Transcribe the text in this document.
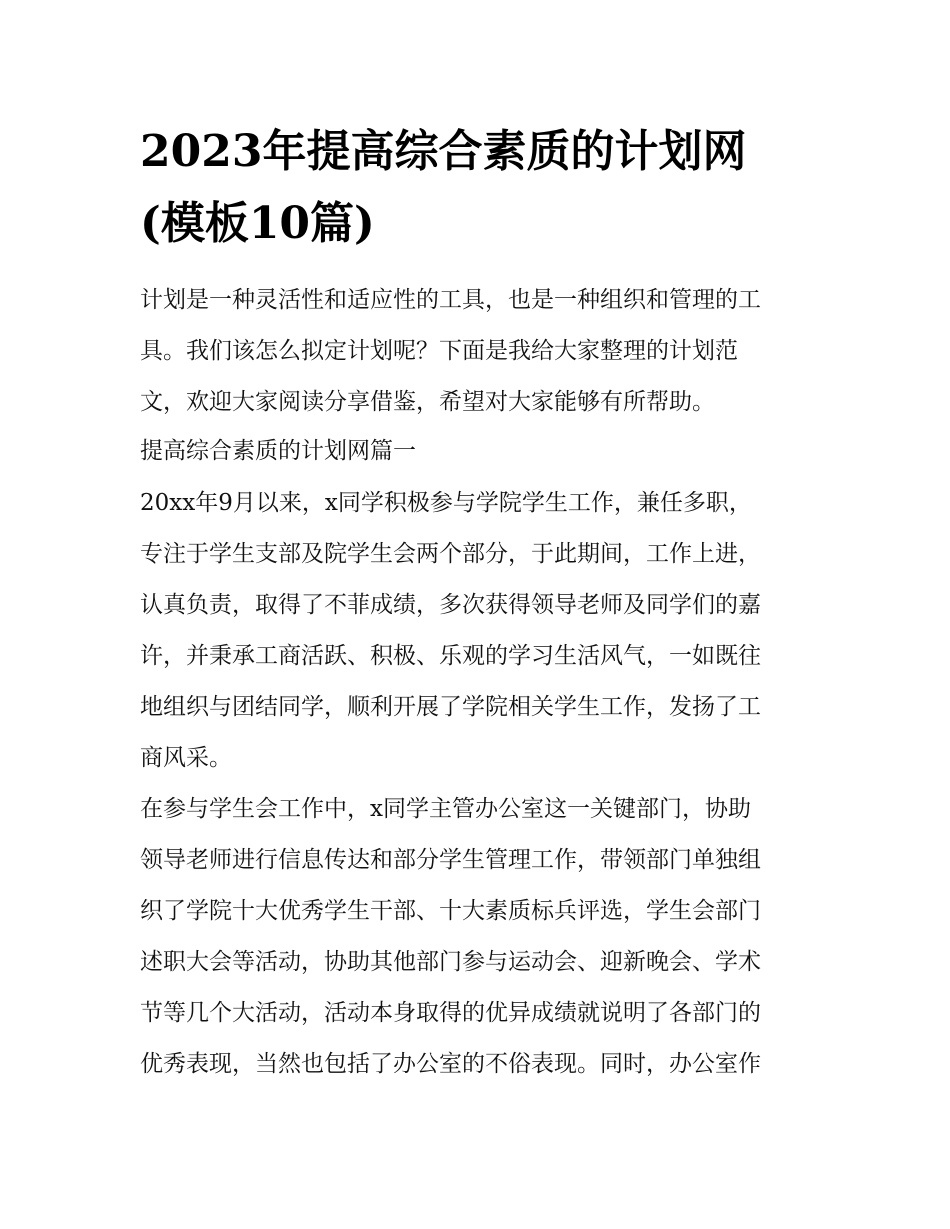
2023年提高综合素质的计划网
(模板10篇)

计划是一种灵活性和适应性的工具，也是一种组织和管理的工

具。我们该怎么拟定计划呢？下面是我给大家整理的计划范

文，欢迎大家阅读分享借鉴，希望对大家能够有所帮助。

提高综合素质的计划网篇一

20xx年9月以来，x同学积极参与学院学生工作，兼任多职，

专注于学生支部及院学生会两个部分，于此期间，工作上进，

认真负责，取得了不菲成绩，多次获得领导老师及同学们的嘉

许，并秉承工商活跃、积极、乐观的学习生活风气，一如既往

地组织与团结同学，顺利开展了学院相关学生工作，发扬了工

商风采。

在参与学生会工作中，x同学主管办公室这一关键部门，协助

领导老师进行信息传达和部分学生管理工作，带领部门单独组

织了学院十大优秀学生干部、十大素质标兵评选，学生会部门

述职大会等活动，协助其他部门参与运动会、迎新晚会、学术

节等几个大活动，活动本身取得的优异成绩就说明了各部门的

优秀表现，当然也包括了办公室的不俗表现。同时，办公室作
